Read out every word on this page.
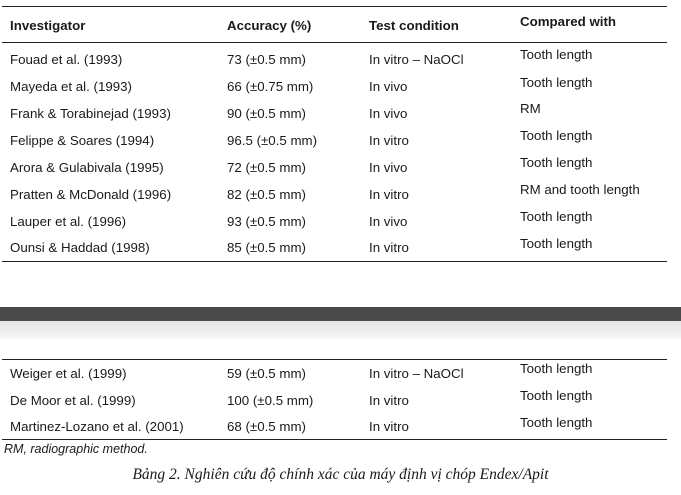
Investigator	Accuracy (%)	Test condition	Compared with
Fouad et al. (1993)	73 (±0.5 mm)	In vitro – NaOCl	Tooth length
Mayeda et al. (1993)	66 (±0.75 mm)	In vivo	Tooth length
Frank & Torabinejad (1993)	90 (±0.5 mm)	In vivo	RM
Felippe & Soares (1994)	96.5 (±0.5 mm)	In vitro	Tooth length
Arora & Gulabivala (1995)	72 (±0.5 mm)	In vivo	Tooth length
Pratten & McDonald (1996)	82 (±0.5 mm)	In vitro	RM and tooth length
Lauper et al. (1996)	93 (±0.5 mm)	In vivo	Tooth length
Ounsi & Haddad (1998)	85 (±0.5 mm)	In vitro	Tooth length
Weiger et al. (1999)	59 (±0.5 mm)	In vitro – NaOCl	Tooth length
De Moor et al. (1999)	100 (±0.5 mm)	In vitro	Tooth length
Martinez-Lozano et al. (2001)	68 (±0.5 mm)	In vitro	Tooth length
RM, radiographic method.
Bảng 2. Nghiên cứu độ chính xác của máy định vị chóp Endex/Apit
